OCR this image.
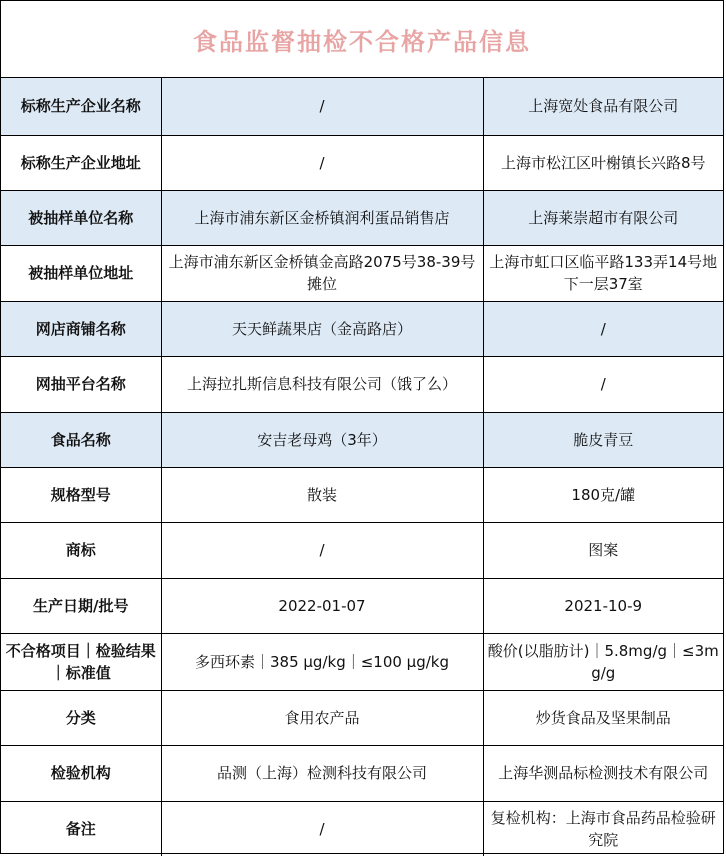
食品监督抽检不合格产品信息
标称生产企业名称	/	上海宽处食品有限公司
标称生产企业地址	/	上海市松江区叶榭镇长兴路8号
被抽样单位名称	上海市浦东新区金桥镇润利蛋品销售店	上海莱崇超市有限公司
被抽样单位地址	上海市浦东新区金桥镇金高路2075号38-39号摊位	上海市虹口区临平路133弄14号地下一层37室
网店商铺名称	天天鲜蔬果店（金高路店）	/
网抽平台名称	上海拉扎斯信息科技有限公司（饿了么）	/
食品名称	安吉老母鸡（3年）	脆皮青豆
规格型号	散装	180克/罐
商标	/	图案
生产日期/批号	2022-01-07	2021-10-9
不合格项目｜检验结果｜标准值	多西环素｜385 μg/kg｜≤100 μg/kg	酸价(以脂肪计)｜5.8mg/g｜≤3mg/g
分类	食用农产品	炒货食品及坚果制品
检验机构	品测（上海）检测科技有限公司	上海华测品标检测技术有限公司
备注	/	复检机构：上海市食品药品检验研究院
